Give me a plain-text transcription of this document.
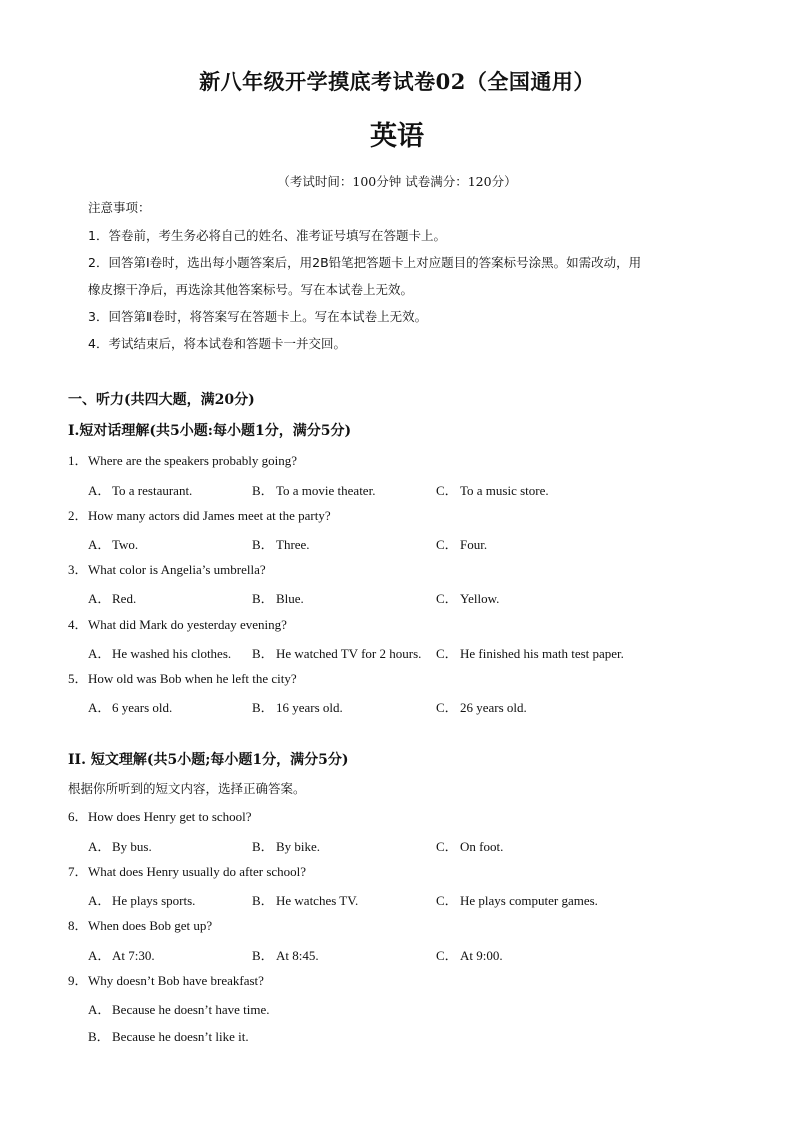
新八年级开学摸底考试卷02（全国通用）
英语
（考试时间：100分钟 试卷满分：120分）
注意事项：
1．答卷前，考生务必将自己的姓名、准考证号填写在答题卡上。
2．回答第Ⅰ卷时，选出每小题答案后，用2B铅笔把答题卡上对应题目的答案标号涂黑。如需改动，用
橡皮擦干净后，再选涂其他答案标号。写在本试卷上无效。
3．回答第Ⅱ卷时，将答案写在答题卡上。写在本试卷上无效。
4．考试结束后，将本试卷和答题卡一并交回。
一、听力(共四大题，满20分)
Ⅰ.短对话理解(共5小题:每小题1分，满分5分)
1．Where are the speakers probably going?
A． To a restaurant.	B． To a movie theater.	C． To a music store.
2．How many actors did James meet at the party?
A． Two.	B． Three.	C． Four.
3．What color is Angelia’s umbrella?
A． Red.	B． Blue.	C． Yellow.
4．What did Mark do yesterday evening?
A． He washed his clothes. B． He watched TV for 2 hours. C． He finished his math test paper.
5．How old was Bob when he left the city?
A． 6 years old.	B． 16 years old.	C． 26 years old.
II. 短文理解(共5小题;每小题1分，满分5分)
根据你所听到的短文内容，选择正确答案。
6．How does Henry get to school?
A． By bus.	B． By bike.	C． On foot.
7．What does Henry usually do after school?
A． He plays sports.	B． He watches TV.	C． He plays computer games.
8．When does Bob get up?
A． At 7:30.	B． At 8:45.	C． At 9:00.
9．Why doesn’t Bob have breakfast?
A． Because he doesn’t have time.
B． Because he doesn’t like it.
